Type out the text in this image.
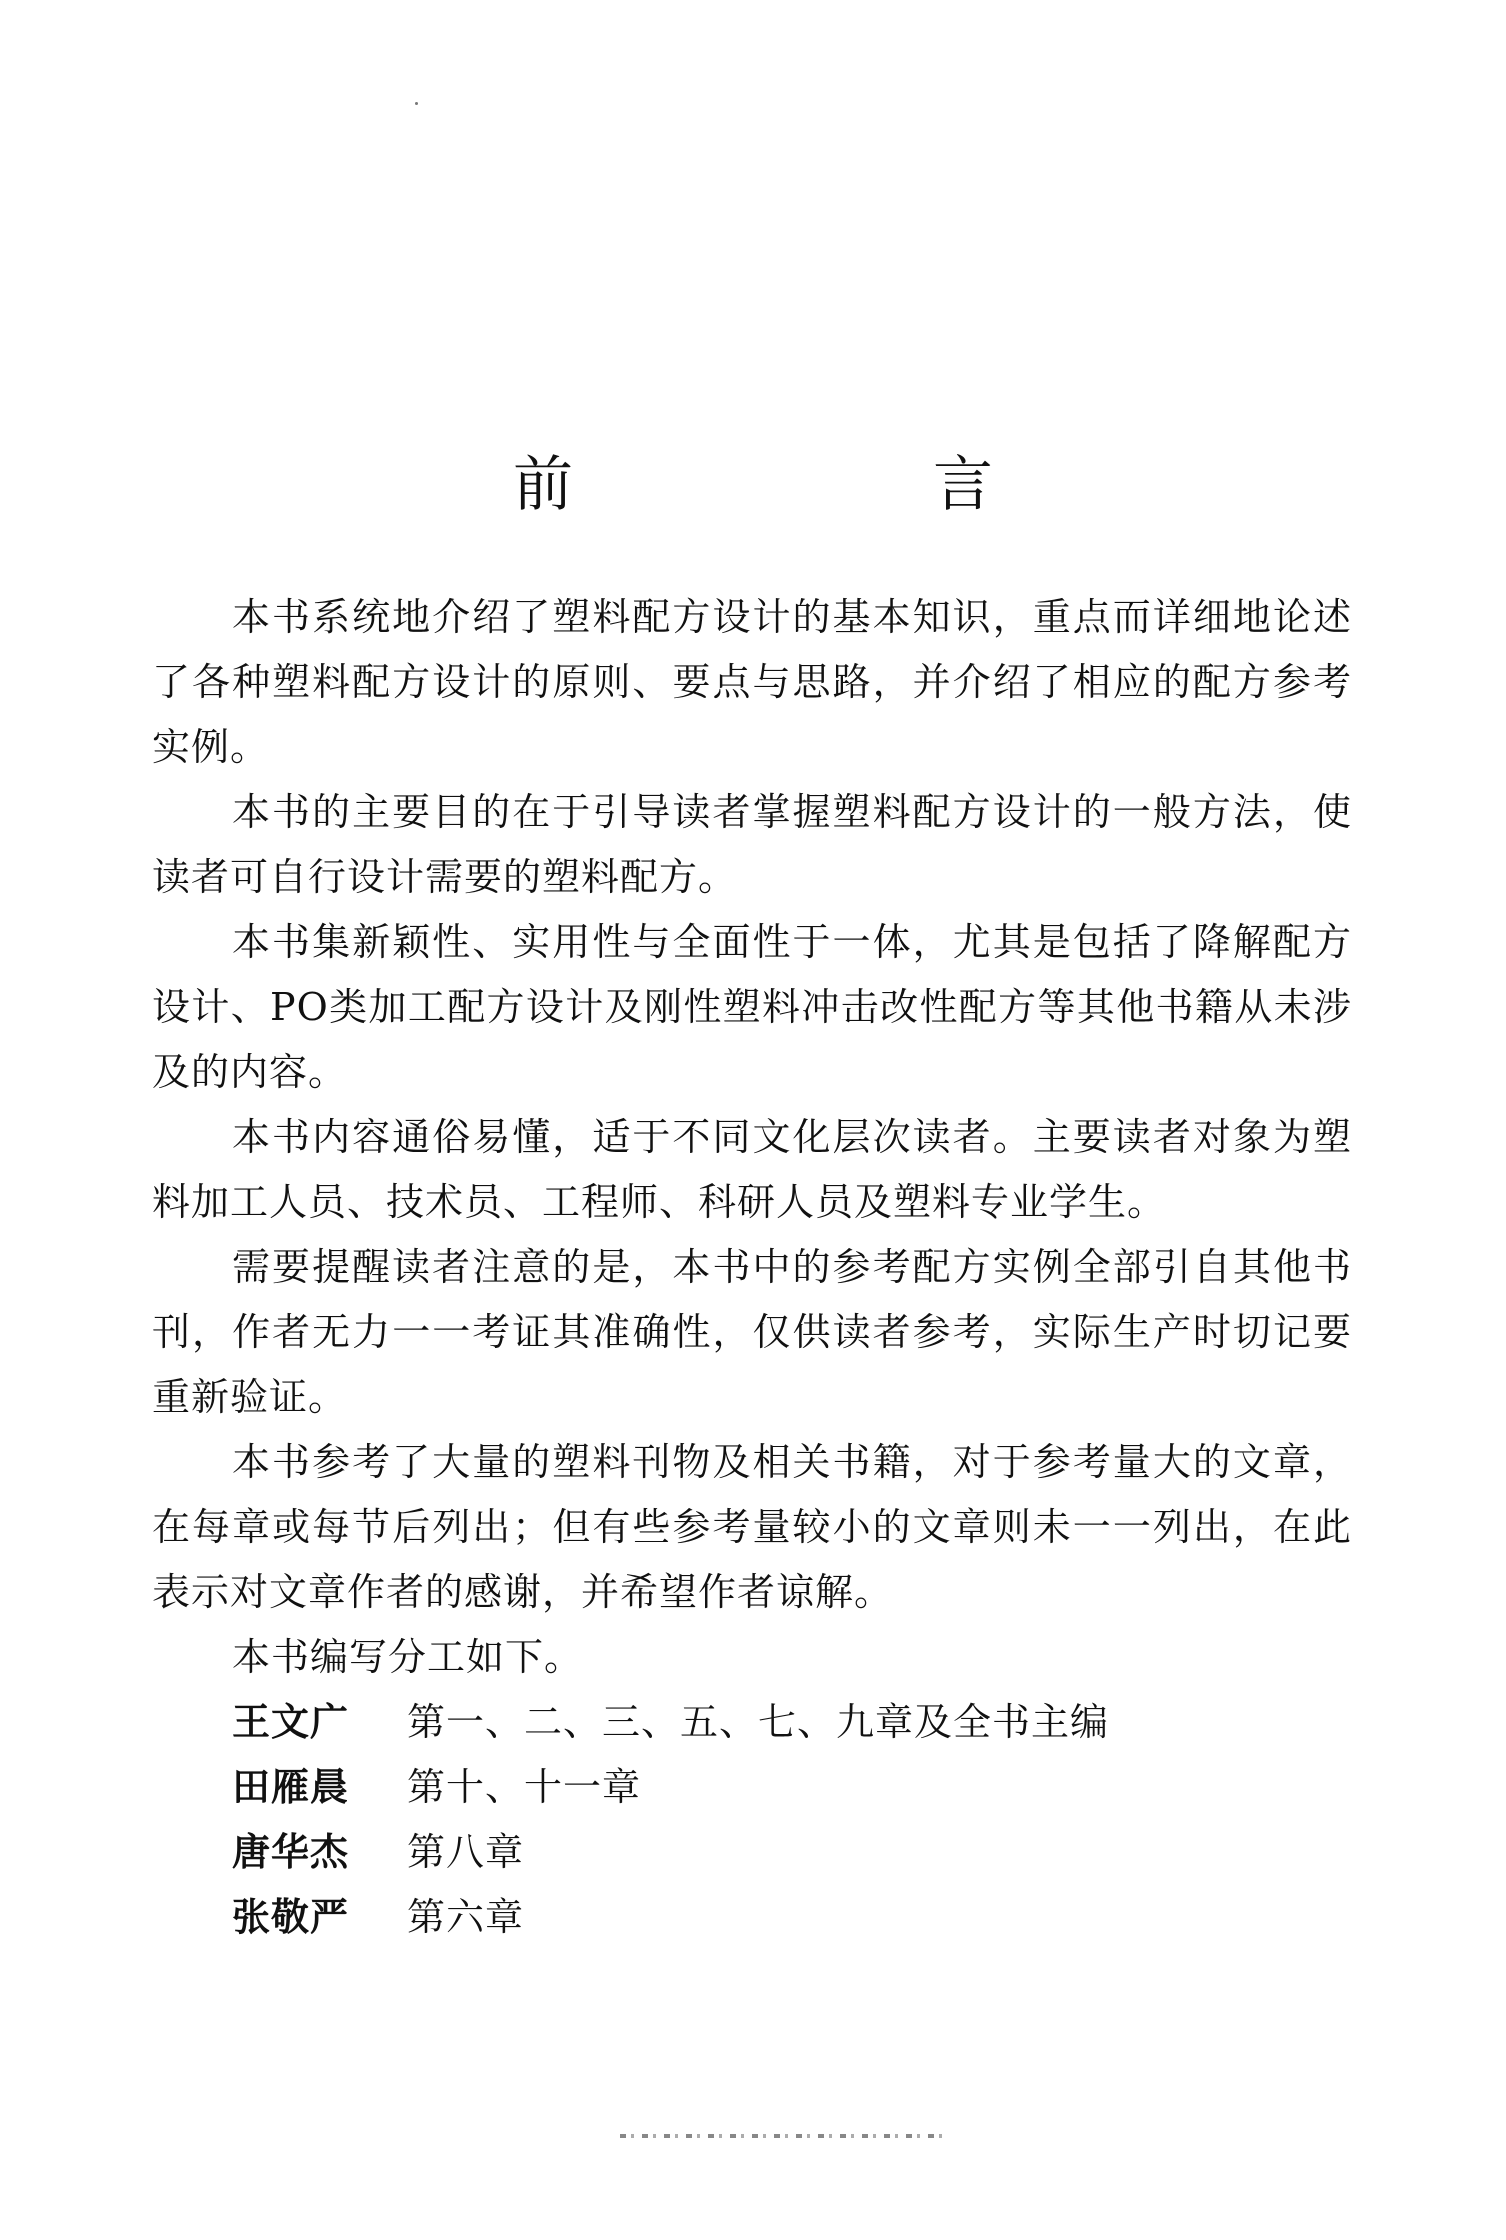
前　言

本书系统地介绍了塑料配方设计的基本知识，重点而详细地论述了各种塑料配方设计的原则、要点与思路，并介绍了相应的配方参考实例。

本书的主要目的在于引导读者掌握塑料配方设计的一般方法，使读者可自行设计需要的塑料配方。

本书集新颖性、实用性与全面性于一体，尤其是包括了降解配方设计、PO类加工配方设计及刚性塑料冲击改性配方等其他书籍从未涉及的内容。

本书内容通俗易懂，适于不同文化层次读者。主要读者对象为塑料加工人员、技术员、工程师、科研人员及塑料专业学生。

需要提醒读者注意的是，本书中的参考配方实例全部引自其他书刊，作者无力一一考证其准确性，仅供读者参考，实际生产时切记要重新验证。

本书参考了大量的塑料刊物及相关书籍，对于参考量大的文章，在每章或每节后列出；但有些参考量较小的文章则未一一列出，在此表示对文章作者的感谢，并希望作者谅解。

本书编写分工如下。

王文广	第一、二、三、五、七、九章及全书主编
田雁晨	第十、十一章
唐华杰	第八章
张敬严	第六章
